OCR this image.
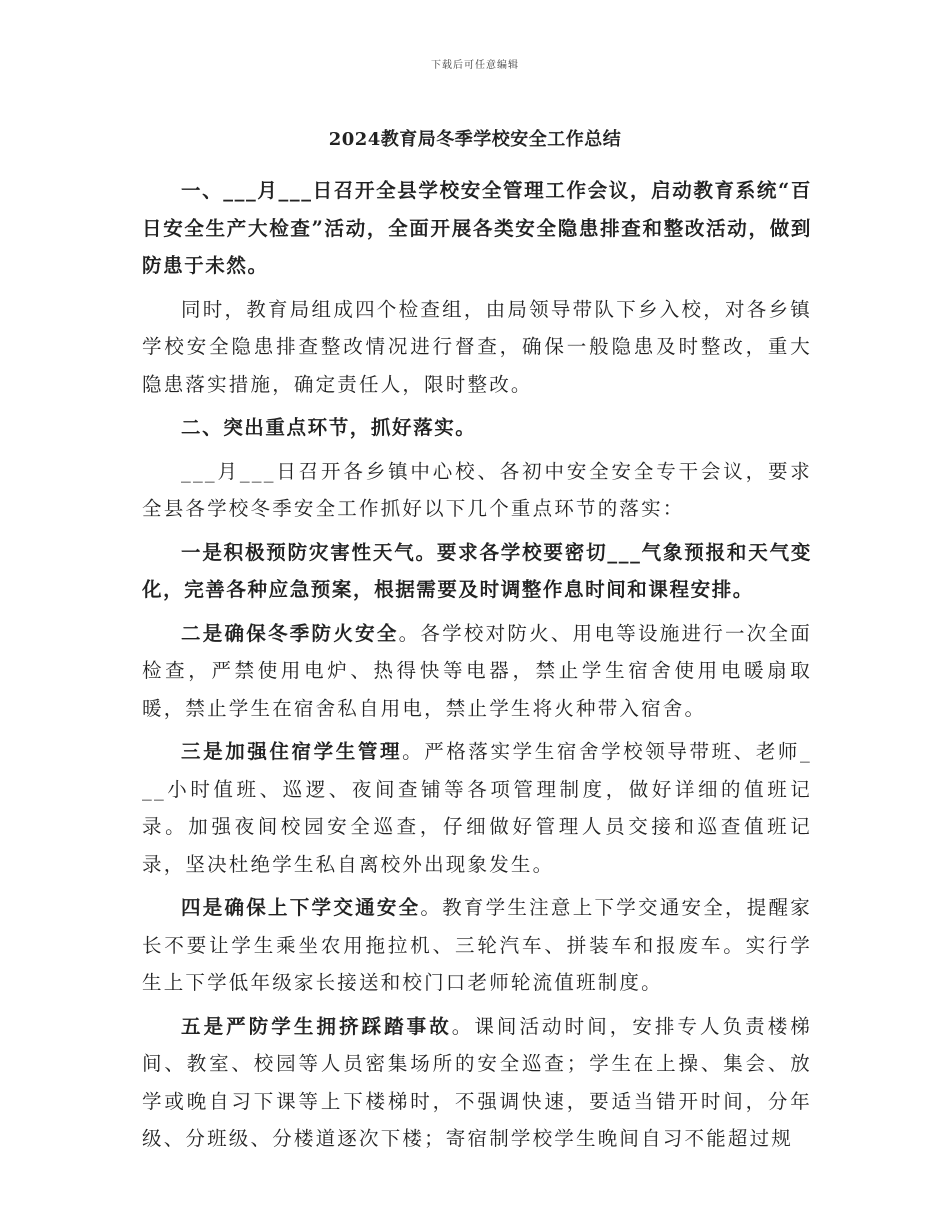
下载后可任意编辑
2024教育局冬季学校安全工作总结

一、___月___日召开全县学校安全管理工作会议，启动教育系统“百日安全生产大检查”活动，全面开展各类安全隐患排查和整改活动，做到防患于未然。

同时，教育局组成四个检查组，由局领导带队下乡入校，对各乡镇学校安全隐患排查整改情况进行督查，确保一般隐患及时整改，重大隐患落实措施，确定责任人，限时整改。

二、突出重点环节，抓好落实。

___月___日召开各乡镇中心校、各初中安全安全专干会议，要求全县各学校冬季安全工作抓好以下几个重点环节的落实：

一是积极预防灾害性天气。要求各学校要密切___气象预报和天气变化，完善各种应急预案，根据需要及时调整作息时间和课程安排。

二是确保冬季防火安全。各学校对防火、用电等设施进行一次全面检查，严禁使用电炉、热得快等电器，禁止学生宿舍使用电暖扇取暖，禁止学生在宿舍私自用电，禁止学生将火种带入宿舍。

三是加强住宿学生管理。严格落实学生宿舍学校领导带班、老师___小时值班、巡逻、夜间查铺等各项管理制度，做好详细的值班记录。加强夜间校园安全巡查，仔细做好管理人员交接和巡查值班记录，坚决杜绝学生私自离校外出现象发生。

四是确保上下学交通安全。教育学生注意上下学交通安全，提醒家长不要让学生乘坐农用拖拉机、三轮汽车、拼装车和报废车。实行学生上下学低年级家长接送和校门口老师轮流值班制度。

五是严防学生拥挤踩踏事故。课间活动时间，安排专人负责楼梯间、教室、校园等人员密集场所的安全巡查；学生在上操、集会、放学或晚自习下课等上下楼梯时，不强调快速，要适当错开时间，分年级、分班级、分楼道逐次下楼；寄宿制学校学生晚间自习不能超过规
